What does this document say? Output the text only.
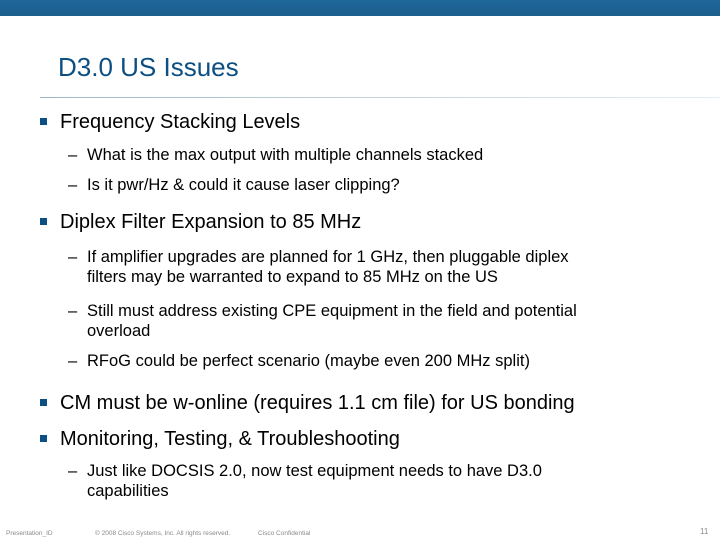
D3.0 US Issues
Frequency Stacking Levels
– What is the max output with multiple channels stacked
– Is it pwr/Hz & could it cause laser clipping?
Diplex Filter Expansion to 85 MHz
– If amplifier upgrades are planned for 1 GHz, then pluggable diplex
filters may be warranted to expand to 85 MHz on the US
– Still must address existing CPE equipment in the field and potential
overload
– RFoG could be perfect scenario (maybe even 200 MHz split)
CM must be w-online (requires 1.1 cm file) for US bonding
Monitoring, Testing, & Troubleshooting
– Just like DOCSIS 2.0, now test equipment needs to have D3.0
capabilities
Presentation_ID	© 2008 Cisco Systems, Inc. All rights reserved.	Cisco Confidential	11
